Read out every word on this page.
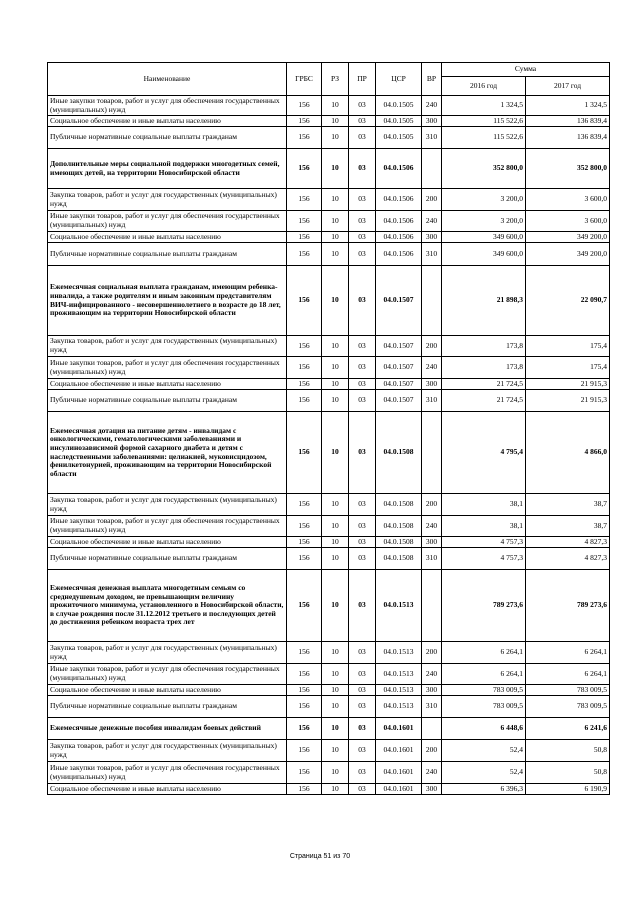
Наименование	ГРБС	РЗ	ПР	ЦСР	ВР	Сумма	
						2016 год	2017 год
Иные закупки товаров, работ и услуг для обеспечения государственных (муниципальных) нужд	156	10	03	04.0.1505	240	1 324,5	1 324,5
Социальное обеспечение и иные выплаты населению	156	10	03	04.0.1505	300	115 522,6	136 839,4
Публичные нормативные социальные выплаты гражданам	156	10	03	04.0.1505	310	115 522,6	136 839,4
Дополнительные меры социальной поддержки многодетных семей, имеющих детей, на территории Новосибирской области	156	10	03	04.0.1506		352 800,0	352 800,0
Закупка товаров, работ и услуг для государственных (муниципальных) нужд	156	10	03	04.0.1506	200	3 200,0	3 600,0
Иные закупки товаров, работ и услуг для обеспечения государственных (муниципальных) нужд	156	10	03	04.0.1506	240	3 200,0	3 600,0
Социальное обеспечение и иные выплаты населению	156	10	03	04.0.1506	300	349 600,0	349 200,0
Публичные нормативные социальные выплаты гражданам	156	10	03	04.0.1506	310	349 600,0	349 200,0
Ежемесячная социальная выплата гражданам, имеющим ребенка-инвалида, а также родителям и иным законным представителям ВИЧ-инфицированного - несовершеннолетнего в возрасте до 18 лет, проживающим на территории Новосибирской области	156	10	03	04.0.1507		21 898,3	22 090,7
Закупка товаров, работ и услуг для государственных (муниципальных) нужд	156	10	03	04.0.1507	200	173,8	175,4
Иные закупки товаров, работ и услуг для обеспечения государственных (муниципальных) нужд	156	10	03	04.0.1507	240	173,8	175,4
Социальное обеспечение и иные выплаты населению	156	10	03	04.0.1507	300	21 724,5	21 915,3
Публичные нормативные социальные выплаты гражданам	156	10	03	04.0.1507	310	21 724,5	21 915,3
Ежемесячная дотация на питание детям - инвалидам с онкологическими, гематологическими заболеваниями и инсулинозависимой формой сахарного диабета и детям с наследственными заболеваниями: целиакией, муковисцидозом, фенилкетонурией, проживающим на территории Новосибирской области	156	10	03	04.0.1508		4 795,4	4 866,0
Закупка товаров, работ и услуг для государственных (муниципальных) нужд	156	10	03	04.0.1508	200	38,1	38,7
Иные закупки товаров, работ и услуг для обеспечения государственных (муниципальных) нужд	156	10	03	04.0.1508	240	38,1	38,7
Социальное обеспечение и иные выплаты населению	156	10	03	04.0.1508	300	4 757,3	4 827,3
Публичные нормативные социальные выплаты гражданам	156	10	03	04.0.1508	310	4 757,3	4 827,3
Ежемесячная денежная выплата многодетным семьям со среднедушевым доходом, не превышающим величину прожиточного минимума, установленного в Новосибирской области, в случае рождения после 31.12.2012 третьего и последующих детей до достижения ребенком возраста трех лет	156	10	03	04.0.1513		789 273,6	789 273,6
Закупка товаров, работ и услуг для государственных (муниципальных) нужд	156	10	03	04.0.1513	200	6 264,1	6 264,1
Иные закупки товаров, работ и услуг для обеспечения государственных (муниципальных) нужд	156	10	03	04.0.1513	240	6 264,1	6 264,1
Социальное обеспечение и иные выплаты населению	156	10	03	04.0.1513	300	783 009,5	783 009,5
Публичные нормативные социальные выплаты гражданам	156	10	03	04.0.1513	310	783 009,5	783 009,5
Ежемесячные денежные пособия инвалидам боевых действий	156	10	03	04.0.1601		6 448,6	6 241,6
Закупка товаров, работ и услуг для государственных (муниципальных) нужд	156	10	03	04.0.1601	200	52,4	50,8
Иные закупки товаров, работ и услуг для обеспечения государственных (муниципальных) нужд	156	10	03	04.0.1601	240	52,4	50,8
Социальное обеспечение и иные выплаты населению	156	10	03	04.0.1601	300	6 396,3	6 190,9
Страница 51 из 70
